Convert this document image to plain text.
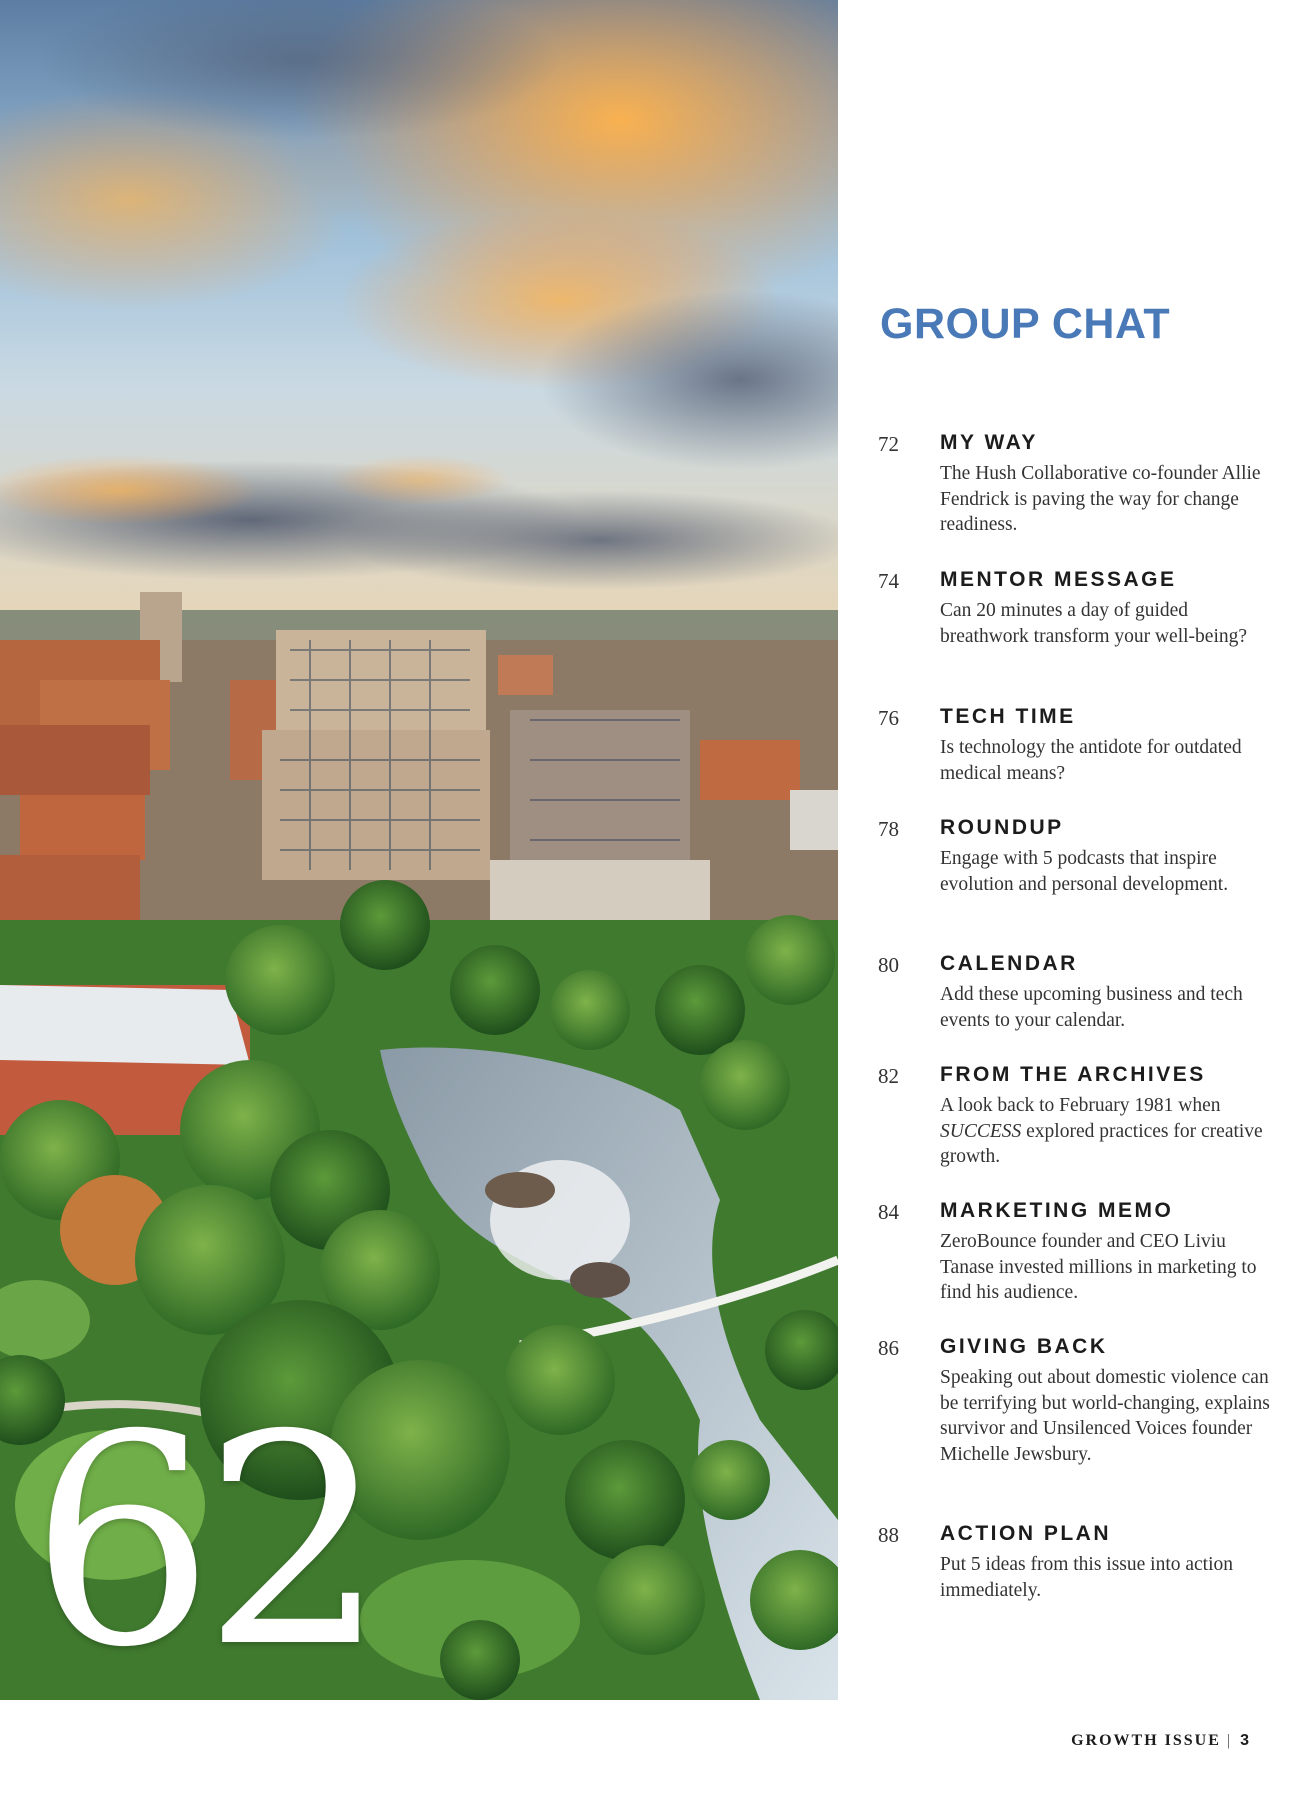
62

GROUP CHAT
72 MY WAY

The Hush Collaborative co-founder Allie Fendrick is paving the way for change readiness.

74 MENTOR MESSAGE

Can 20 minutes a day of guided breathwork transform your well-being?

76 TECH TIME

Is technology the antidote for outdated medical means?

78 ROUNDUP

Engage with 5 podcasts that inspire evolution and personal development.

80 CALENDAR

Add these upcoming business and tech events to your calendar.

82 FROM THE ARCHIVES

A look back to February 1981 when SUCCESS explored practices for creative growth.

84 MARKETING MEMO

ZeroBounce founder and CEO Liviu Tanase invested millions in marketing to find his audience.

86 GIVING BACK

Speaking out about domestic violence can be terrifying but world-changing, explains survivor and Unsilenced Voices founder Michelle Jewsbury.

88 ACTION PLAN

Put 5 ideas from this issue into action immediately.

GROWTH ISSUE | 3
